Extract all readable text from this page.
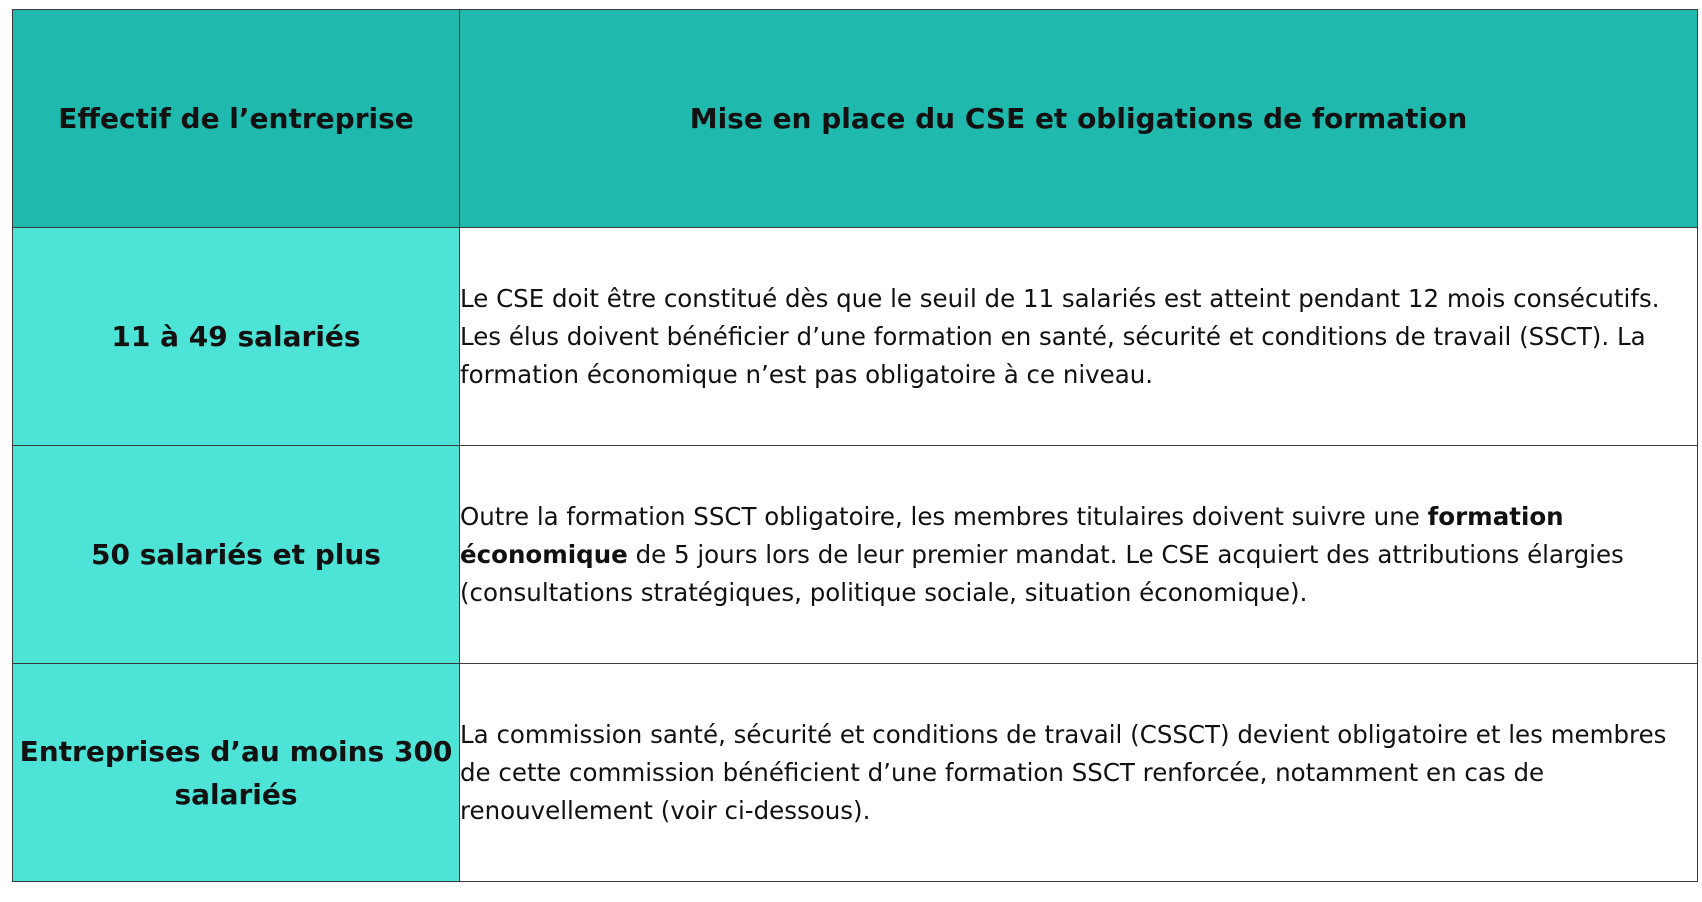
Effectif de l’entreprise	Mise en place du CSE et obligations de formation
11 à 49 salariés	Le CSE doit être constitué dès que le seuil de 11 salariés est atteint pendant 12 mois consécutifs. Les élus doivent bénéficier d’une formation en santé, sécurité et conditions de travail (SSCT). La formation économique n’est pas obligatoire à ce niveau.
50 salariés et plus	Outre la formation SSCT obligatoire, les membres titulaires doivent suivre une formation économique de 5 jours lors de leur premier mandat. Le CSE acquiert des attributions élargies (consultations stratégiques, politique sociale, situation économique).
Entreprises d’au moins 300 salariés	La commission santé, sécurité et conditions de travail (CSSCT) devient obligatoire et les membres de cette commission bénéficient d’une formation SSCT renforcée, notamment en cas de renouvellement (voir ci-dessous).
